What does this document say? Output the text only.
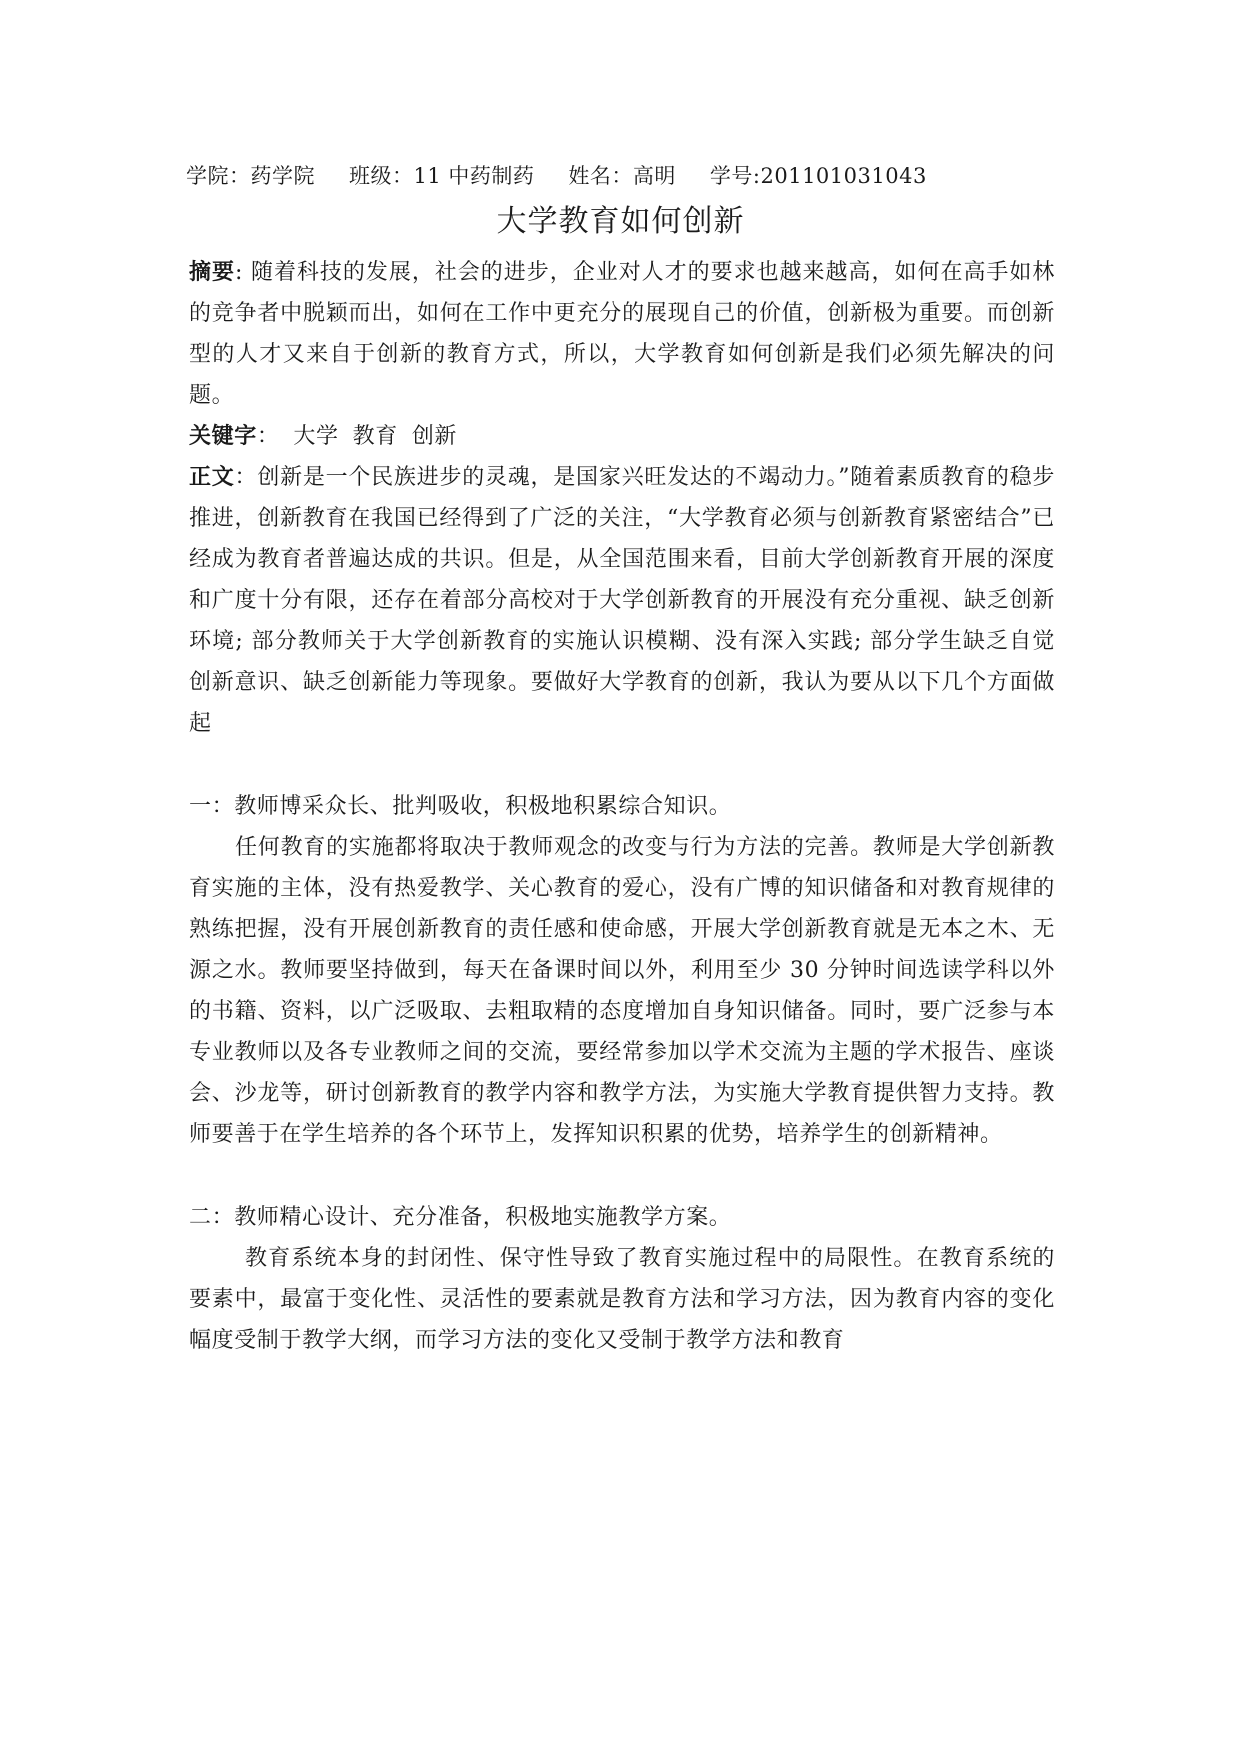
学院：药学院 班级：11 中药制药 姓名：高明 学号:201101031043
大学教育如何创新

摘要: 随着科技的发展，社会的进步，企业对人才的要求也越来越高，如何在高手如林的竞争者中脱颖而出，如何在工作中更充分的展现自己的价值，创新极为重要。而创新型的人才又来自于创新的教育方式，所以，大学教育如何创新是我们必须先解决的问题。

关键字： 大学 教育 创新

正文：创新是一个民族进步的灵魂，是国家兴旺发达的不竭动力。”随着素质教育的稳步推进，创新教育在我国已经得到了广泛的关注，“大学教育必须与创新教育紧密结合”已经成为教育者普遍达成的共识。但是，从全国范围来看，目前大学创新教育开展的深度和广度十分有限，还存在着部分高校对于大学创新教育的开展没有充分重视、缺乏创新环境; 部分教师关于大学创新教育的实施认识模糊、没有深入实践; 部分学生缺乏自觉创新意识、缺乏创新能力等现象。要做好大学教育的创新，我认为要从以下几个方面做起

一：教师博采众长、批判吸收，积极地积累综合知识。

任何教育的实施都将取决于教师观念的改变与行为方法的完善。教师是大学创新教育实施的主体，没有热爱教学、关心教育的爱心，没有广博的知识储备和对教育规律的熟练把握，没有开展创新教育的责任感和使命感，开展大学创新教育就是无本之木、无源之水。教师要坚持做到，每天在备课时间以外，利用至少 30 分钟时间选读学科以外的书籍、资料，以广泛吸取、去粗取精的态度增加自身知识储备。同时，要广泛参与本专业教师以及各专业教师之间的交流，要经常参加以学术交流为主题的学术报告、座谈会、沙龙等，研讨创新教育的教学内容和教学方法，为实施大学教育提供智力支持。教师要善于在学生培养的各个环节上，发挥知识积累的优势，培养学生的创新精神。

二：教师精心设计、充分准备，积极地实施教学方案。

教育系统本身的封闭性、保守性导致了教育实施过程中的局限性。在教育系统的要素中，最富于变化性、灵活性的要素就是教育方法和学习方法，因为教育内容的变化幅度受制于教学大纲，而学习方法的变化又受制于教学方法和教育
